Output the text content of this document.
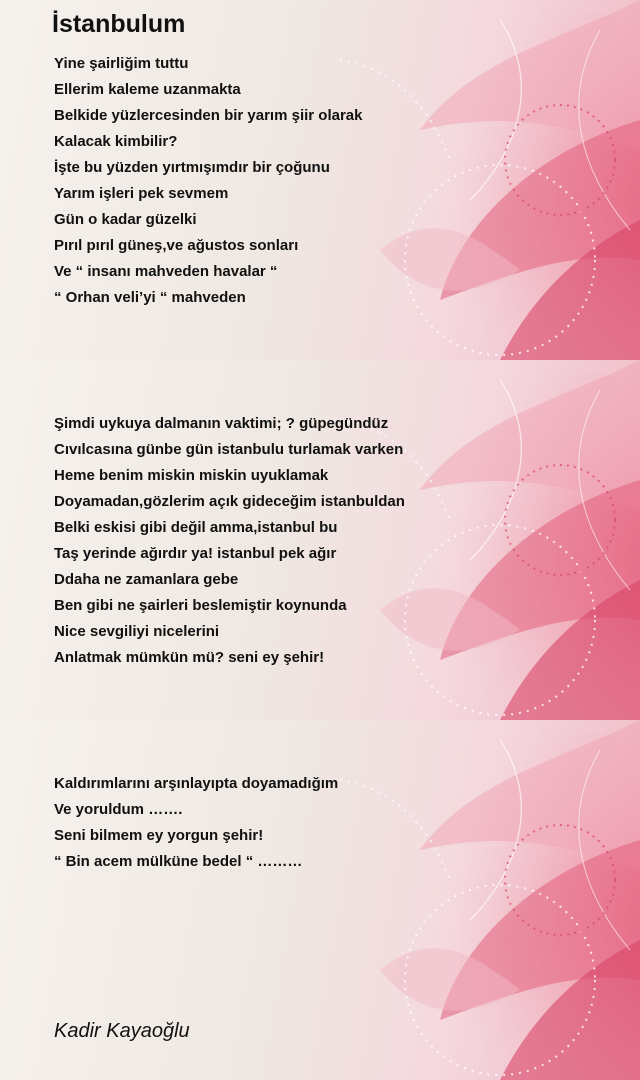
İstanbulum
Yine şairliğim tuttu
Ellerim kaleme uzanmakta
Belkide yüzlercesinden bir yarım şiir olarak
Kalacak kimbilir?
İşte bu yüzden yırtmışımdır bir çoğunu
Yarım işleri pek sevmem
Gün o kadar güzelki
Pırıl pırıl güneş,ve ağustos sonları
Ve “ insanı mahveden havalar “
“ Orhan veli’yi “ mahveden
Şimdi uykuya dalmanın vaktimi; ? güpegündüz
Cıvılcasına günbe gün istanbulu turlamak varken
Heme benim miskin miskin uyuklamak
Doyamadan,gözlerim açık gideceğim istanbuldan
Belki eskisi gibi değil amma,istanbul bu
Taş yerinde ağırdır ya! istanbul pek ağır
Ddaha ne zamanlara gebe
Ben gibi ne şairleri beslemiştir koynunda
Nice sevgiliyi nicelerini
Anlatmak mümkün mü? seni ey şehir!
Kaldırımlarını arşınlayıpta doyamadığım
Ve yoruldum …….
Seni bilmem ey yorgun şehir!
“ Bin acem mülküne bedel “ ………
Kadir Kayaoğlu
